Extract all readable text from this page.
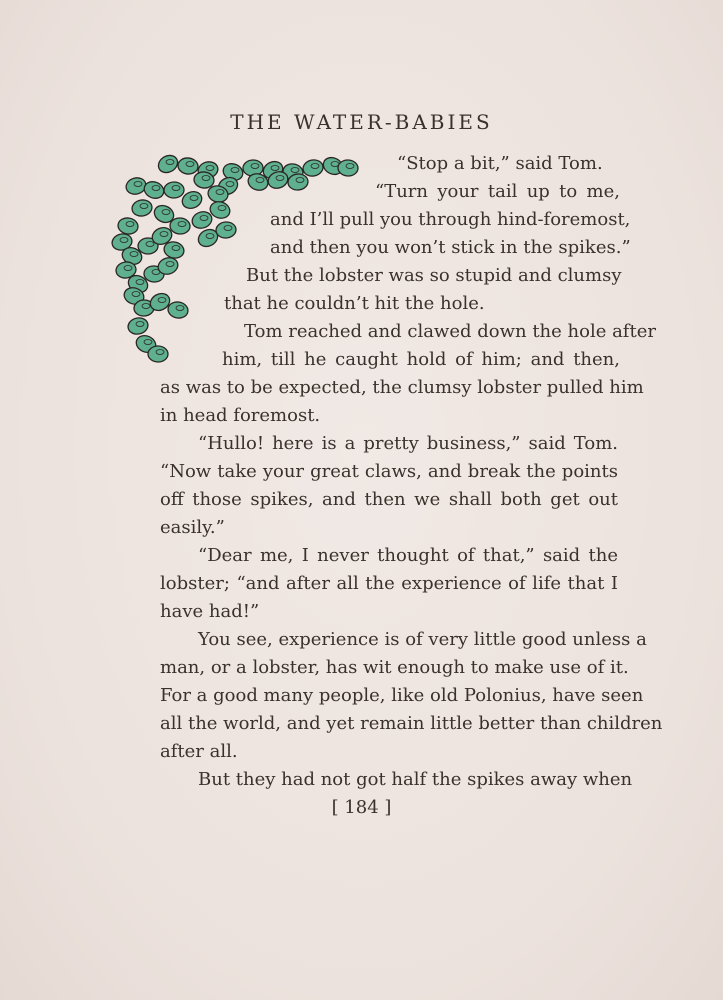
THE WATER-BABIES
“Stop a bit,” said Tom.
“Turn your tail up to me,
and I’ll pull you through hind-foremost,
and then you won’t stick in the spikes.”
But the lobster was so stupid and clumsy
that he couldn’t hit the hole.
Tom reached and clawed down the hole after
him, till he caught hold of him; and then,
as was to be expected, the clumsy lobster pulled him
in head foremost.
“Hullo! here is a pretty business,” said Tom.
“Now take your great claws, and break the points
off those spikes, and then we shall both get out
easily.”
“Dear me, I never thought of that,” said the
lobster; “and after all the experience of life that I
have had!”
You see, experience is of very little good unless a
man, or a lobster, has wit enough to make use of it.
For a good many people, like old Polonius, have seen
all the world, and yet remain little better than children
after all.
But they had not got half the spikes away when
[ 184 ]
